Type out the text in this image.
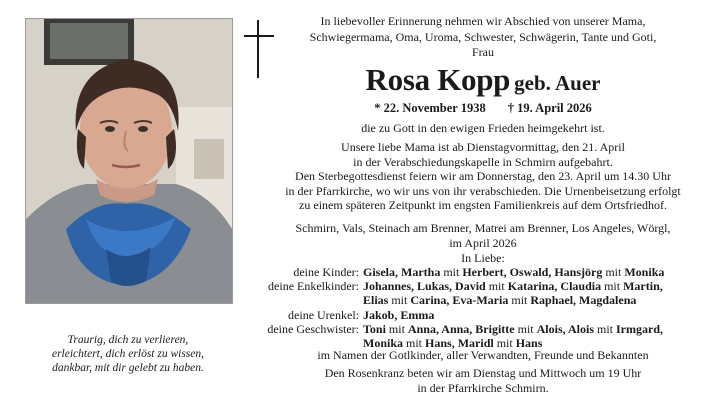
Traurig, dich zu verlieren,
erleichtert, dich erlöst zu wissen,
dankbar, mit dir gelebt zu haben.
In liebevoller Erinnerung nehmen wir Abschied von unserer Mama,
Schwiegermama, Oma, Uroma, Schwester, Schwägerin, Tante und Goti,
Frau
Rosa Kopp geb. Auer
* 22. November 1938 † 19. April 2026
die zu Gott in den ewigen Frieden heimgekehrt ist.
Unsere liebe Mama ist ab Dienstagvormittag, den 21. April
in der Verabschiedungskapelle in Schmirn aufgebahrt.
Den Sterbegottesdienst feiern wir am Donnerstag, den 23. April um 14.30 Uhr
in der Pfarrkirche, wo wir uns von ihr verabschieden. Die Urnenbeisetzung erfolgt
zu einem späteren Zeitpunkt im engsten Familienkreis auf dem Ortsfriedhof.
Schmirn, Vals, Steinach am Brenner, Matrei am Brenner, Los Angeles, Wörgl,
im April 2026
In Liebe:
deine Kinder: Gisela, Martha mit Herbert, Oswald, Hansjörg mit Monika
deine Enkelkinder: Johannes, Lukas, David mit Katarina, Claudia mit Martin,
Elias mit Carina, Eva-Maria mit Raphael, Magdalena
deine Urenkel: Jakob, Emma
deine Geschwister: Toni mit Anna, Anna, Brigitte mit Alois, Alois mit Irmgard,
Monika mit Hans, Maridl mit Hans
im Namen der Gotlkinder, aller Verwandten, Freunde und Bekannten
Den Rosenkranz beten wir am Dienstag und Mittwoch um 19 Uhr
in der Pfarrkirche Schmirn.
